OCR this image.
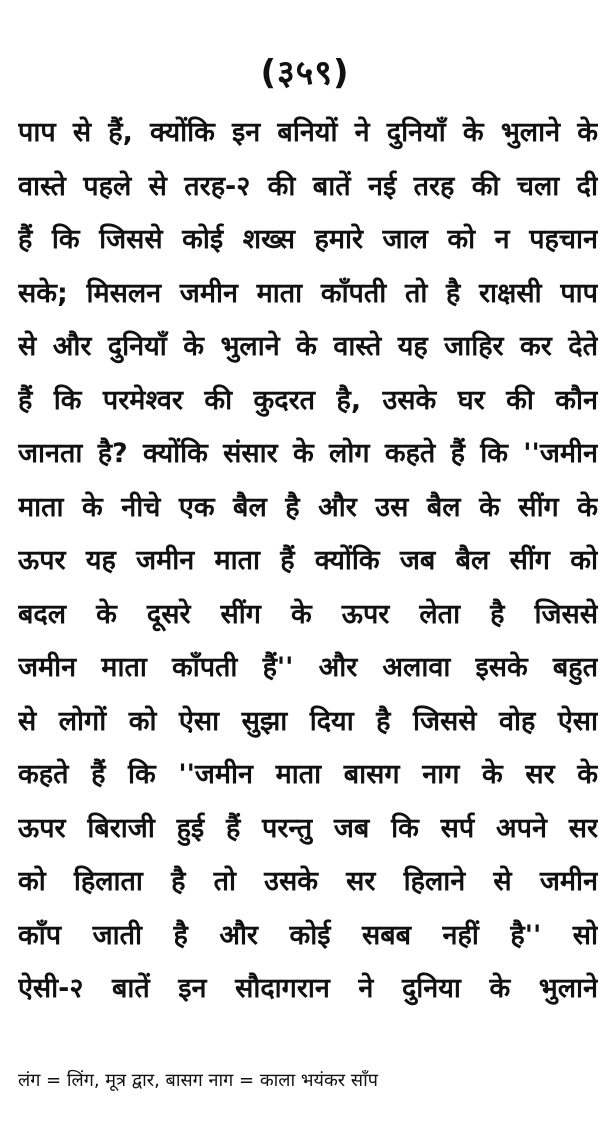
(३५९)
पाप से हैं, क्योंकि इन बनियों ने दुनियाँ के भुलाने के
वास्ते पहले से तरह-२ की बातें नई तरह की चला दी
हैं कि जिससे कोई शख्स हमारे जाल को न पहचान
सके; मिसलन जमीन माता काँपती तो है राक्षसी पाप
से और दुनियाँ के भुलाने के वास्ते यह जाहिर कर देते
हैं कि परमेश्वर की कुदरत है, उसके घर की कौन
जानता है? क्योंकि संसार के लोग कहते हैं कि ''जमीन
माता के नीचे एक बैल है और उस बैल के सींग के
ऊपर यह जमीन माता हैं क्योंकि जब बैल सींग को
बदल के दूसरे सींग के ऊपर लेता है जिससे
जमीन माता काँपती हैं'' और अलावा इसके बहुत
से लोगों को ऐसा सुझा दिया है जिससे वोह ऐसा
कहते हैं कि ''जमीन माता बासग नाग के सर के
ऊपर बिराजी हुई हैं परन्तु जब कि सर्प अपने सर
को हिलाता है तो उसके सर हिलाने से जमीन
काँप जाती है और कोई सबब नहीं है'' सो
ऐसी-२ बातें इन सौदागरान ने दुनिया के भुलाने
लंग = लिंग, मूत्र द्वार, बासग नाग = काला भयंकर साँप
